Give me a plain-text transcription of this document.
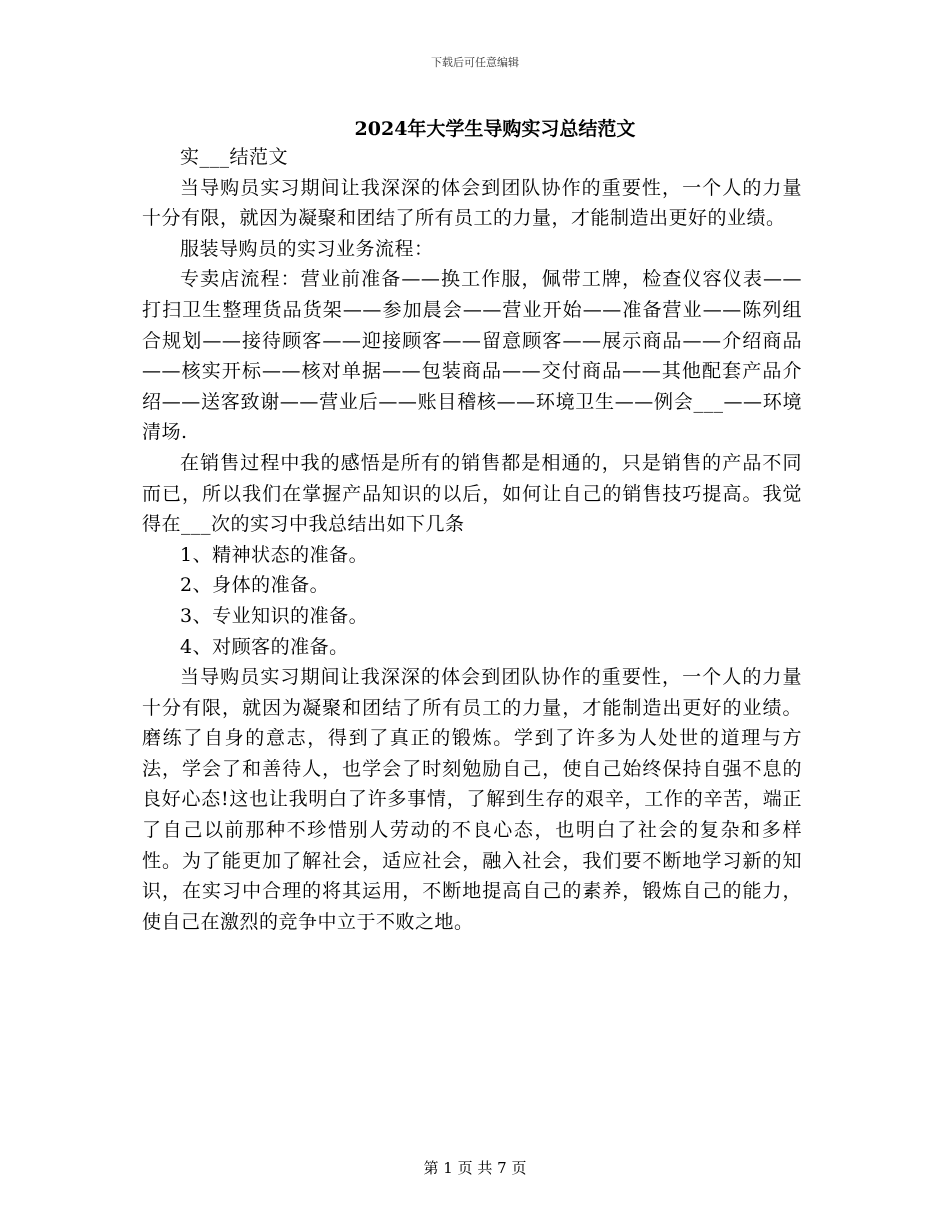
下载后可任意编辑
2024年大学生导购实习总结范文

实___结范文

当导购员实习期间让我深深的体会到团队协作的重要性，一个人的力量十分有限，就因为凝聚和团结了所有员工的力量，才能制造出更好的业绩。

服装导购员的实习业务流程：

专卖店流程：营业前准备——换工作服，佩带工牌，检查仪容仪表——打扫卫生整理货品货架——参加晨会——营业开始——准备营业——陈列组合规划——接待顾客——迎接顾客——留意顾客——展示商品——介绍商品——核实开标——核对单据——包装商品——交付商品——其他配套产品介绍——送客致谢——营业后——账目稽核——环境卫生——例会___——环境清场.

在销售过程中我的感悟是所有的销售都是相通的，只是销售的产品不同而已，所以我们在掌握产品知识的以后，如何让自己的销售技巧提高。我觉得在___次的实习中我总结出如下几条

1、精神状态的准备。

2、身体的准备。

3、专业知识的准备。

4、对顾客的准备。

当导购员实习期间让我深深的体会到团队协作的重要性，一个人的力量十分有限，就因为凝聚和团结了所有员工的力量，才能制造出更好的业绩。磨练了自身的意志，得到了真正的锻炼。学到了许多为人处世的道理与方法，学会了和善待人，也学会了时刻勉励自己，使自己始终保持自强不息的良好心态!这也让我明白了许多事情，了解到生存的艰辛，工作的辛苦，端正了自己以前那种不珍惜别人劳动的不良心态，也明白了社会的复杂和多样性。为了能更加了解社会，适应社会，融入社会，我们要不断地学习新的知识，在实习中合理的将其运用，不断地提高自己的素养，锻炼自己的能力，使自己在激烈的竞争中立于不败之地。

第 1 页 共 7 页
